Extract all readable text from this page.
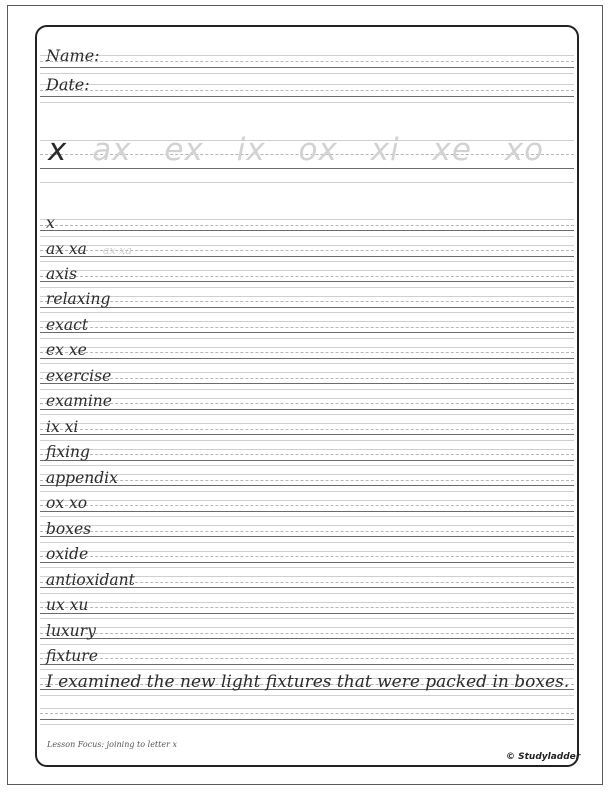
Name:
Date:
x ax ex ix ox xi xe xo
x
ax xa ax xa
axis
relaxing
exact
ex xe
exercise
examine
ix xi
fixing
appendix
ox xo
boxes
oxide
antioxidant
ux xu
luxury
fixture
I examined the new light fixtures that were packed in boxes.
Lesson Focus: joining to letter x
© Studyladder
